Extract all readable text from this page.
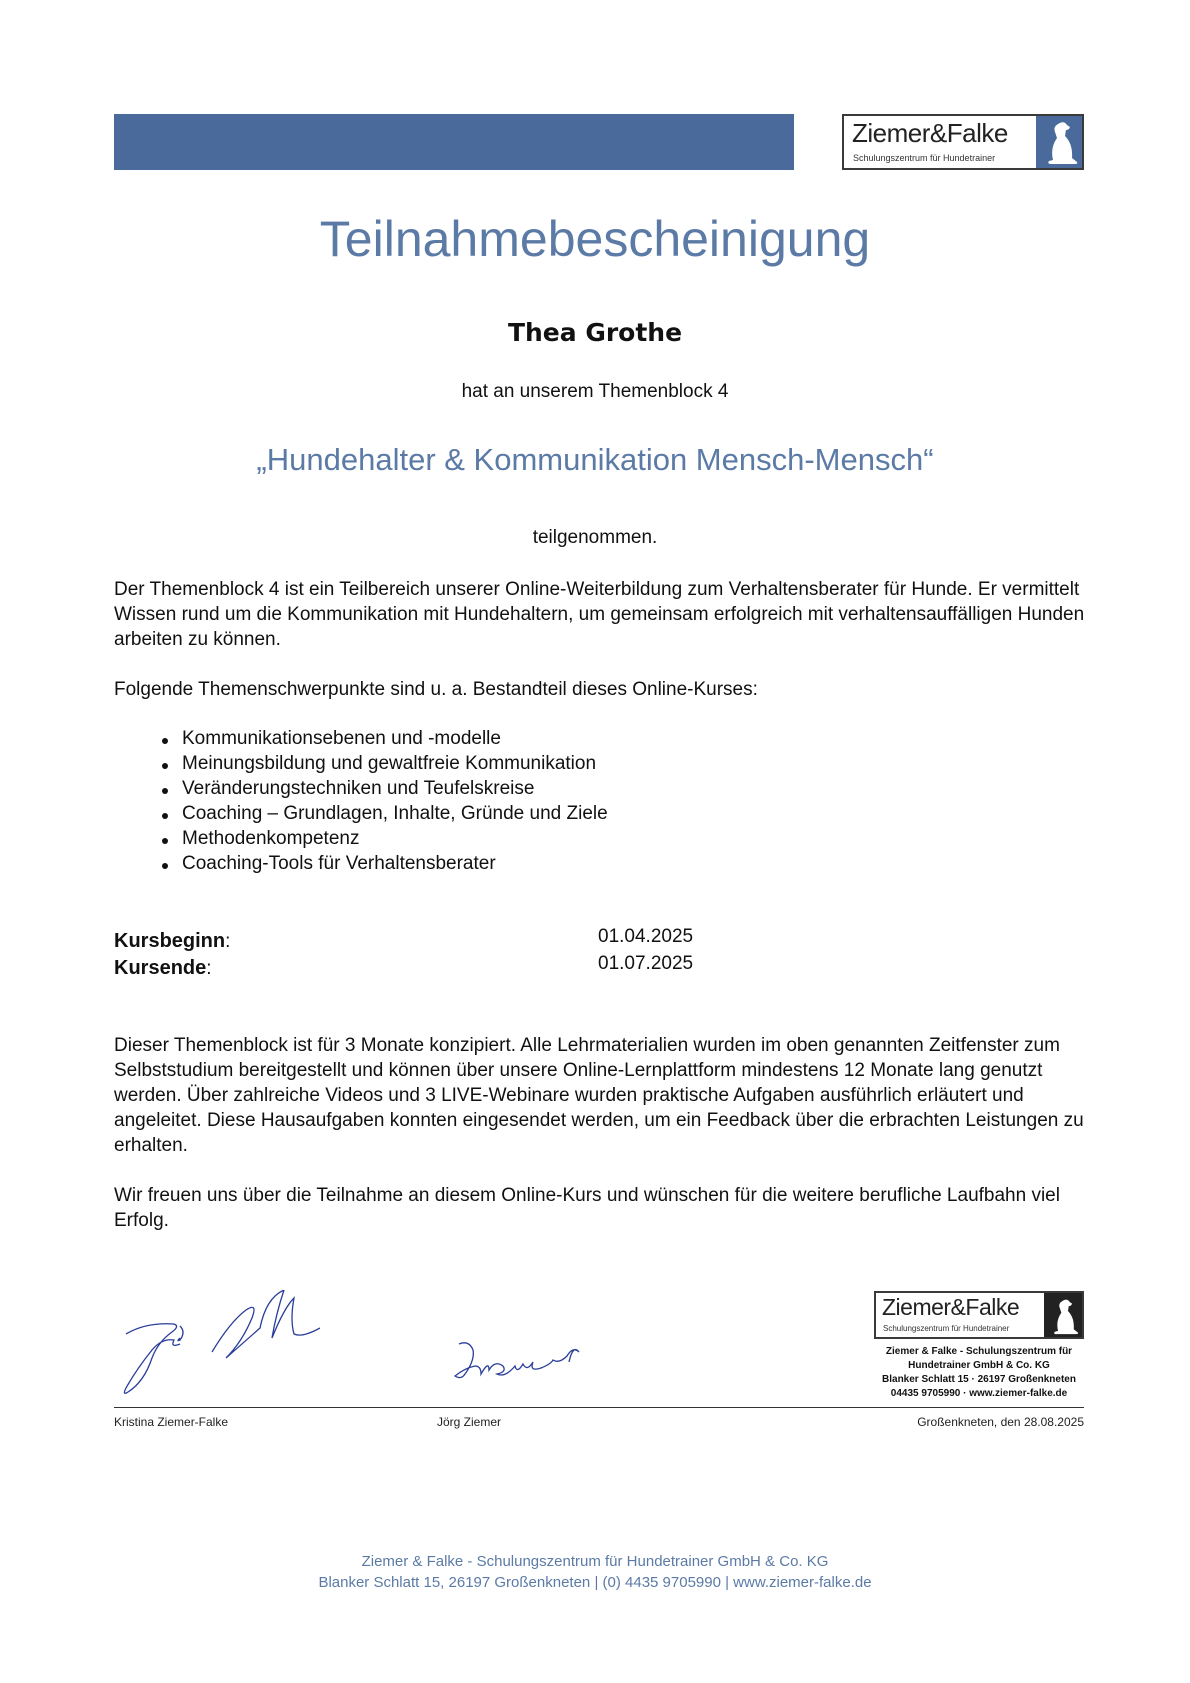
Ziemer&Falke
Schulungszentrum für Hundetrainer
Teilnahmebescheinigung
Thea Grothe
hat an unserem Themenblock 4
„Hundehalter & Kommunikation Mensch-Mensch“
teilgenommen.
Der Themenblock 4 ist ein Teilbereich unserer Online-Weiterbildung zum Verhaltensberater für Hunde. Er vermittelt Wissen rund um die Kommunikation mit Hundehaltern, um gemeinsam erfolgreich mit verhaltensauffälligen Hunden arbeiten zu können.
Folgende Themenschwerpunkte sind u. a. Bestandteil dieses Online-Kurses:
Kommunikationsebenen und -modelle
Meinungsbildung und gewaltfreie Kommunikation
Veränderungstechniken und Teufelskreise
Coaching – Grundlagen, Inhalte, Gründe und Ziele
Methodenkompetenz
Coaching-Tools für Verhaltensberater
Kursbeginn:	01.04.2025
Kursende:	01.07.2025
Dieser Themenblock ist für 3 Monate konzipiert. Alle Lehrmaterialien wurden im oben genannten Zeitfenster zum Selbststudium bereitgestellt und können über unsere Online-Lernplattform mindestens 12 Monate lang genutzt werden. Über zahlreiche Videos und 3 LIVE-Webinare wurden praktische Aufgaben ausführlich erläutert und angeleitet. Diese Hausaufgaben konnten eingesendet werden, um ein Feedback über die erbrachten Leistungen zu erhalten.
Wir freuen uns über die Teilnahme an diesem Online-Kurs und wünschen für die weitere berufliche Laufbahn viel Erfolg.
Ziemer&Falke
Schulungszentrum für Hundetrainer
Ziemer & Falke - Schulungszentrum für
Hundetrainer GmbH & Co. KG
Blanker Schlatt 15 · 26197 Großenkneten
04435 9705990 · www.ziemer-falke.de
Kristina Ziemer-Falke	Jörg Ziemer	Großenkneten, den 28.08.2025
Ziemer & Falke - Schulungszentrum für Hundetrainer GmbH & Co. KG
Blanker Schlatt 15, 26197 Großenkneten | (0) 4435 9705990 | www.ziemer-falke.de
